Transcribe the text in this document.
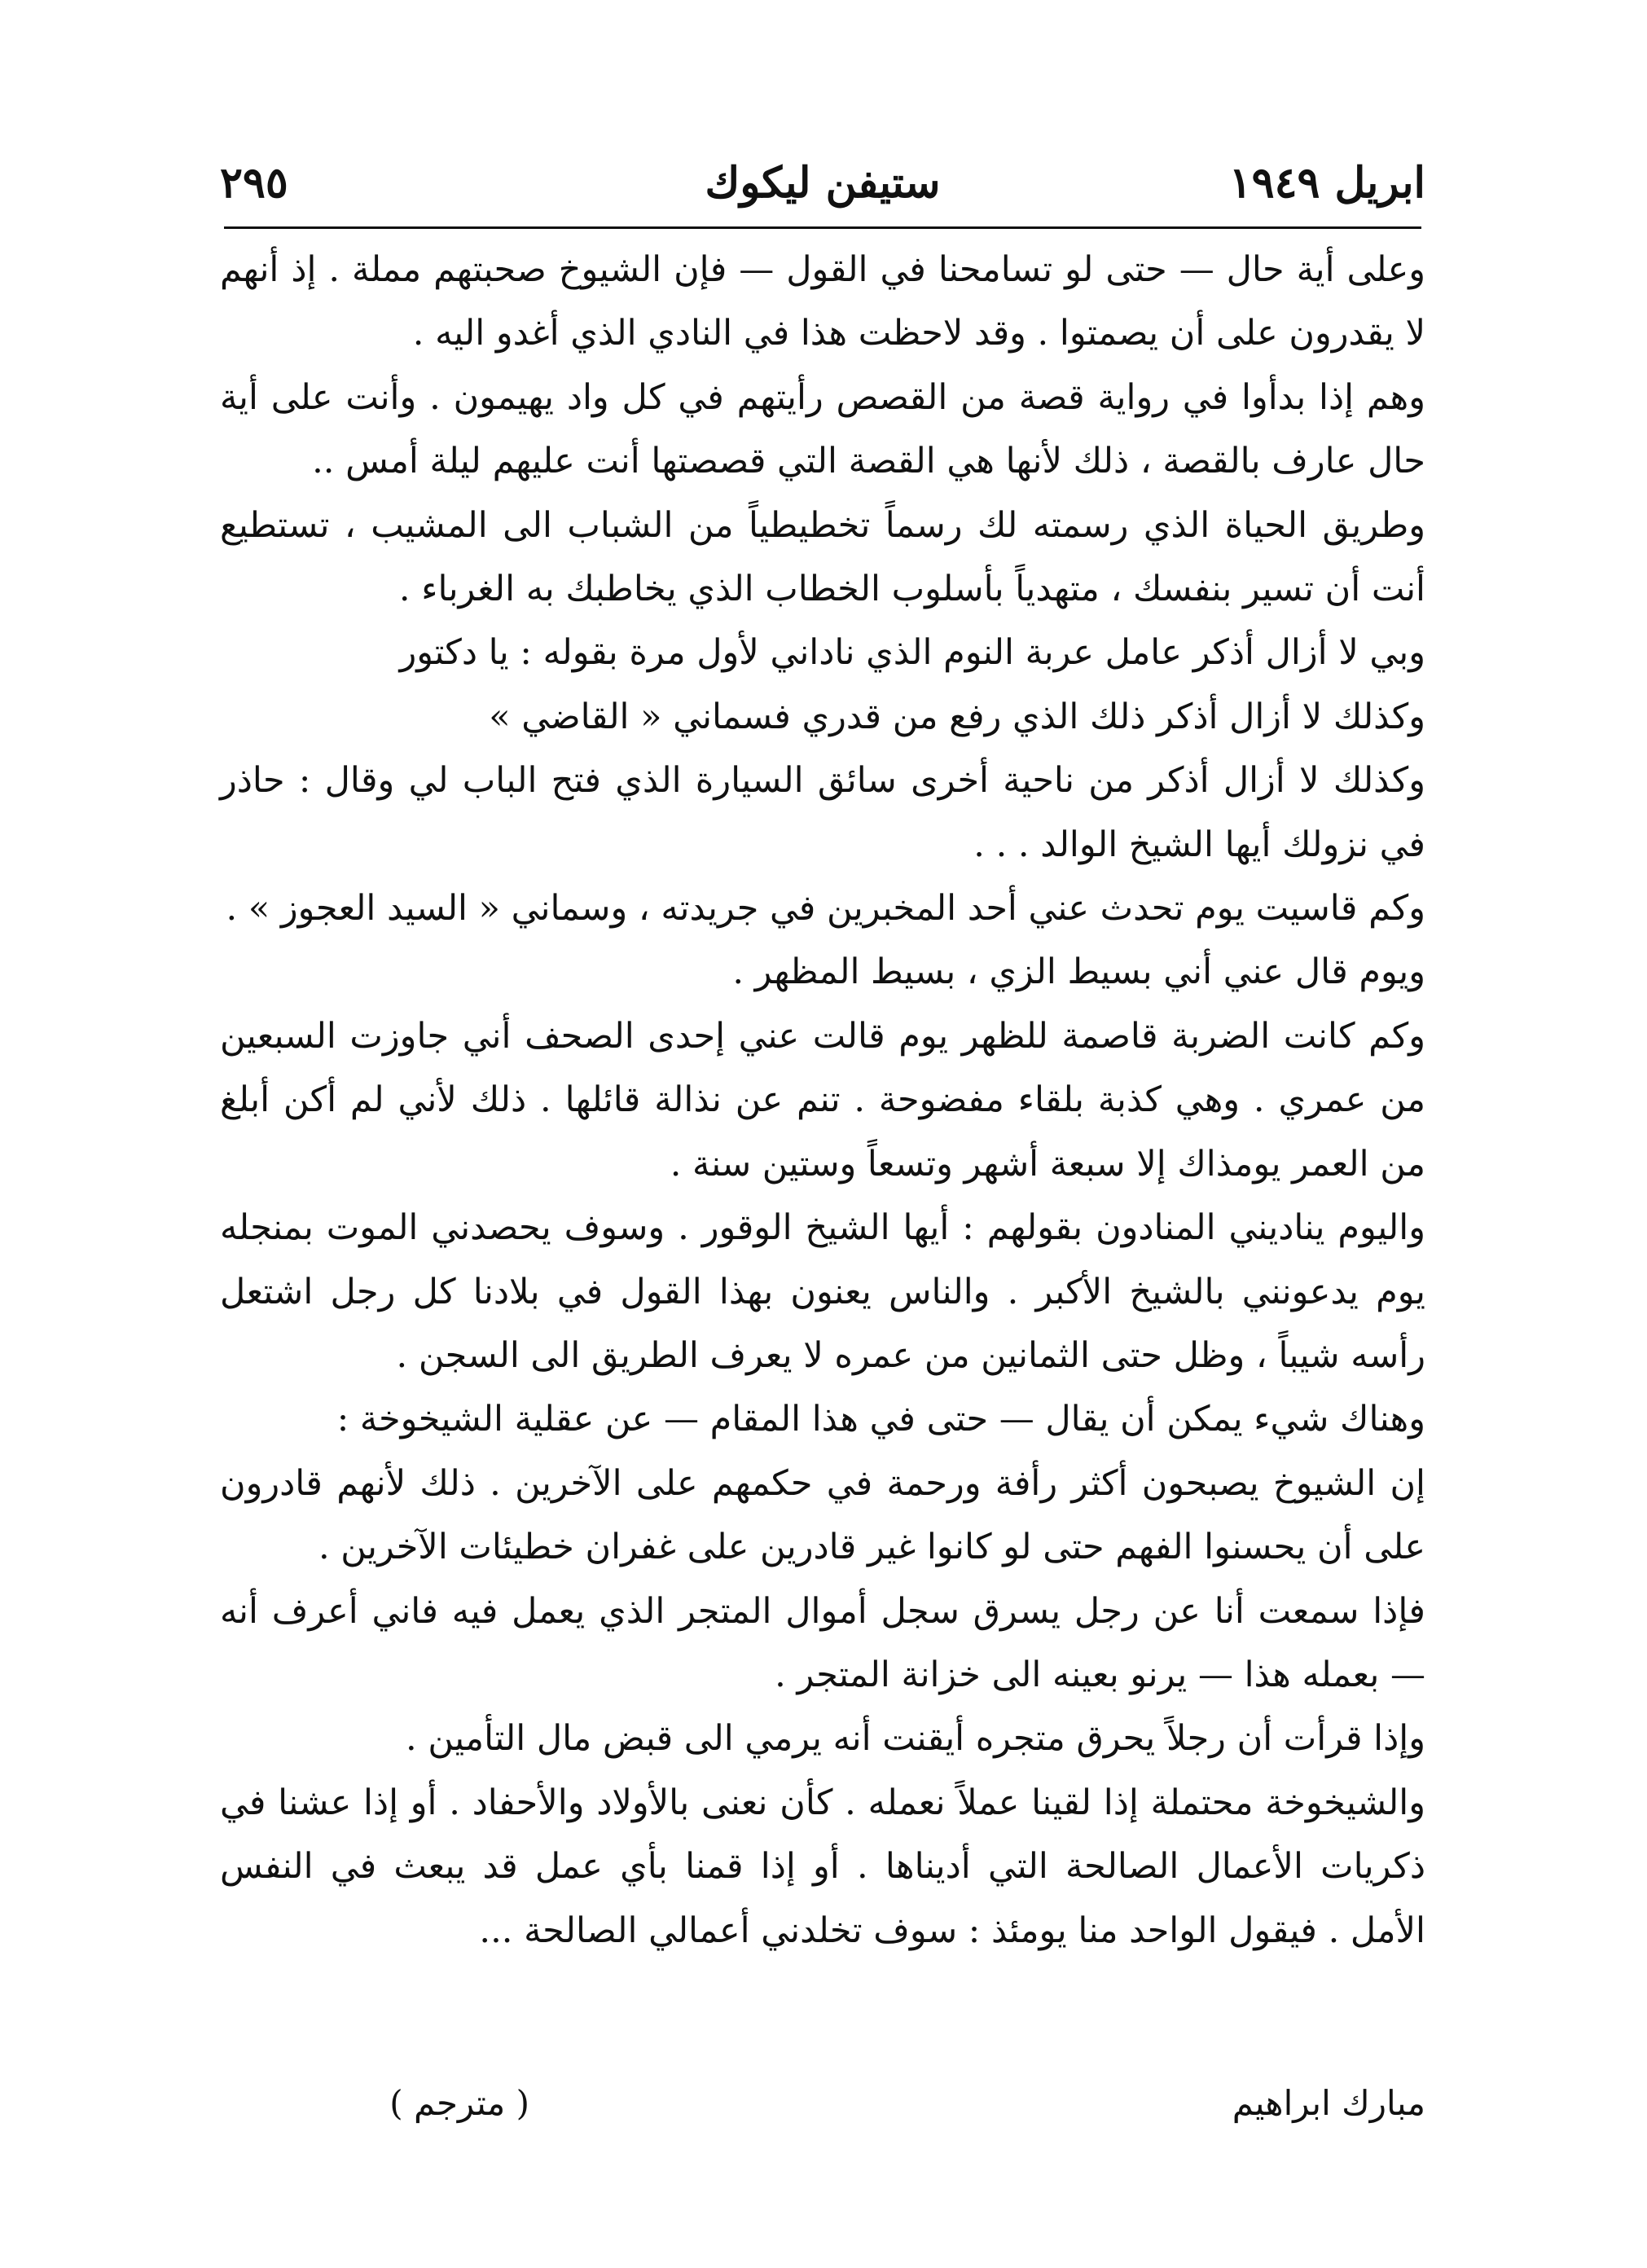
ابريل ١٩٤٩
ستيفن ليكوك
٢٩٥

وعلى أية حال — حتى لو تسامحنا في القول — فإن الشيوخ صحبتهم مملة . إذ أنهم لا يقدرون على أن يصمتوا . وقد لاحظت هذا في النادي الذي أغدو اليه .

وهم إذا بدأوا في رواية قصة من القصص رأيتهم في كل واد يهيمون . وأنت على أية حال عارف بالقصة ، ذلك لأنها هي القصة التي قصصتها أنت عليهم ليلة أمس ..

وطريق الحياة الذي رسمته لك رسماً تخطيطياً من الشباب الى المشيب ، تستطيع أنت أن تسير بنفسك ، متهدياً بأسلوب الخطاب الذي يخاطبك به الغرباء .

وبي لا أزال أذكر عامل عربة النوم الذي ناداني لأول مرة بقوله : يا دكتور

وكذلك لا أزال أذكر ذلك الذي رفع من قدري فسماني « القاضي »

وكذلك لا أزال أذكر من ناحية أخرى سائق السيارة الذي فتح الباب لي وقال : حاذر في نزولك أيها الشيخ الوالد . . .

وكم قاسيت يوم تحدث عني أحد المخبرين في جريدته ، وسماني « السيد العجوز » .

ويوم قال عني أني بسيط الزي ، بسيط المظهر .

وكم كانت الضربة قاصمة للظهر يوم قالت عني إحدى الصحف أني جاوزت السبعين من عمري . وهي كذبة بلقاء مفضوحة . تنم عن نذالة قائلها . ذلك لأني لم أكن أبلغ من العمر يومذاك إلا سبعة أشهر وتسعاً وستين سنة .

واليوم يناديني المنادون بقولهم : أيها الشيخ الوقور . وسوف يحصدني الموت بمنجله يوم يدعونني بالشيخ الأكبر . والناس يعنون بهذا القول في بلادنا كل رجل اشتعل رأسه شيباً ، وظل حتى الثمانين من عمره لا يعرف الطريق الى السجن .

وهناك شيء يمكن أن يقال — حتى في هذا المقام — عن عقلية الشيخوخة :

إن الشيوخ يصبحون أكثر رأفة ورحمة في حكمهم على الآخرين . ذلك لأنهم قادرون على أن يحسنوا الفهم حتى لو كانوا غير قادرين على غفران خطيئات الآخرين .

فإذا سمعت أنا عن رجل يسرق سجل أموال المتجر الذي يعمل فيه فاني أعرف أنه — بعمله هذا — يرنو بعينه الى خزانة المتجر .

وإذا قرأت أن رجلاً يحرق متجره أيقنت أنه يرمي الى قبض مال التأمين .

والشيخوخة محتملة إذا لقينا عملاً نعمله . كأن نعنى بالأولاد والأحفاد . أو إذا عشنا في ذكريات الأعمال الصالحة التي أديناها . أو إذا قمنا بأي عمل قد يبعث في النفس الأمل . فيقول الواحد منا يومئذ : سوف تخلدني أعمالي الصالحة ...

مبارك ابراهيم
( مترجم )
